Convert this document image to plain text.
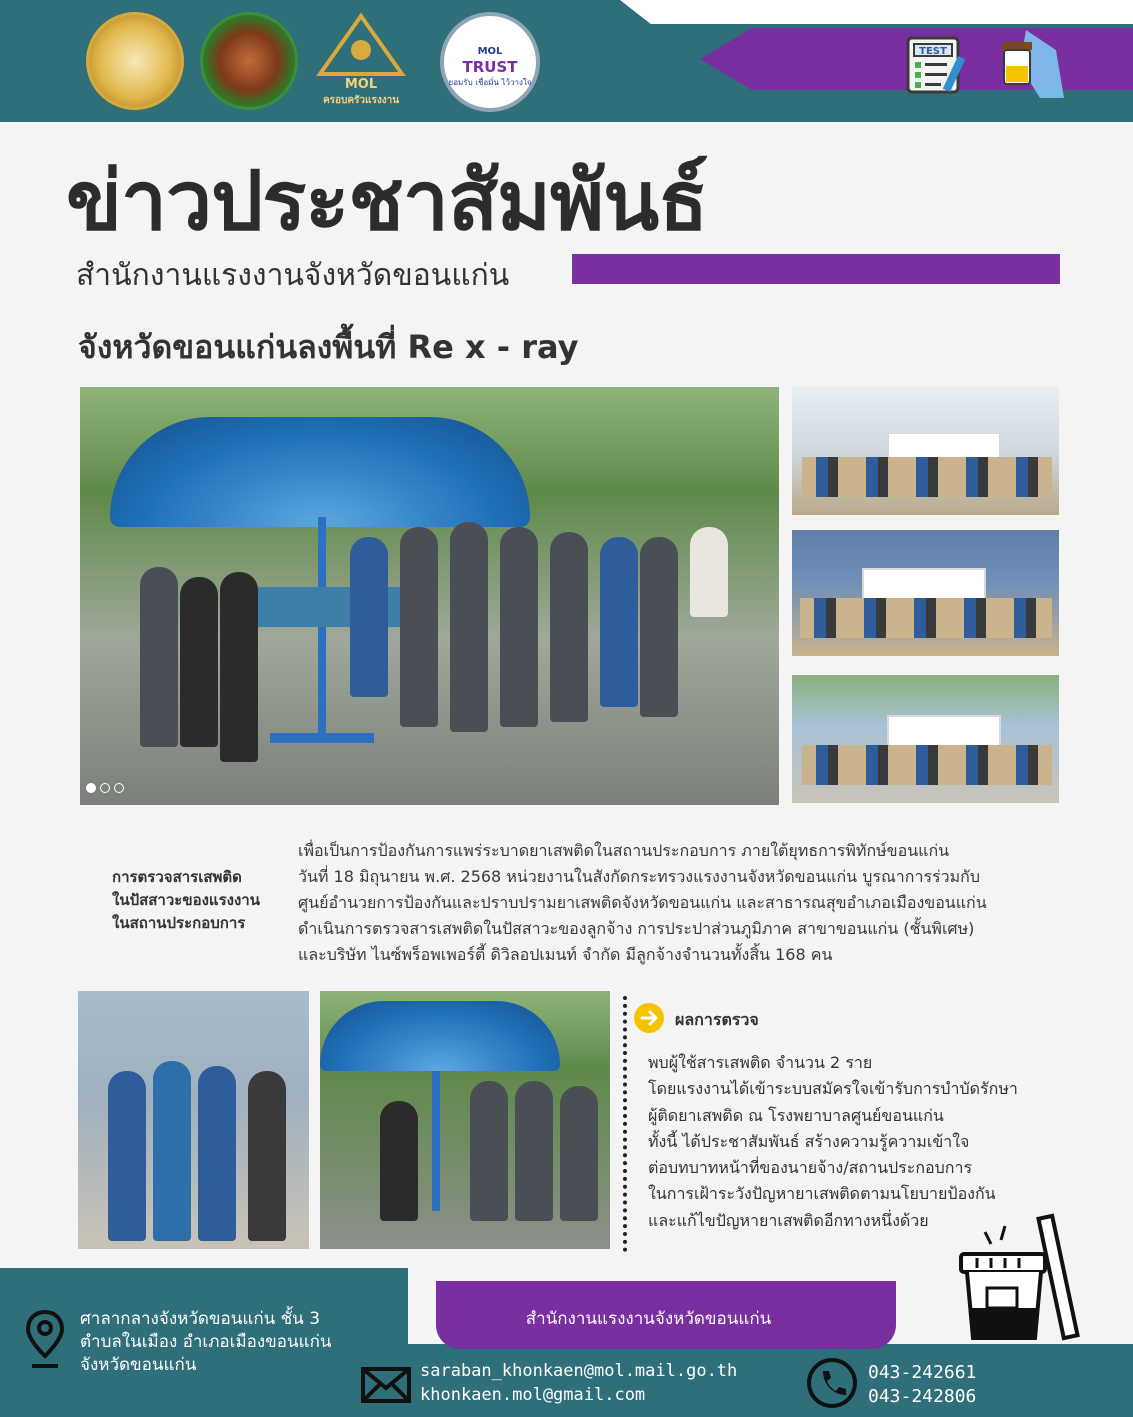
MOL
ครอบครัวแรงงาน
MOL
TRUST
ยอมรับ เชื่อมั่น ไว้วางใจ
TEST
ข่าวประชาสัมพันธ์
สำนักงานแรงงานจังหวัดขอนแก่น
จังหวัดขอนแก่นลงพื้นที่ Re x - ray
การตรวจสารเสพติด
ในปัสสาวะของแรงงาน
ในสถานประกอบการ
เพื่อเป็นการป้องกันการแพร่ระบาดยาเสพติดในสถานประกอบการ ภายใต้ยุทธการพิทักษ์ขอนแก่น
วันที่ 18 มิถุนายน พ.ศ. 2568 หน่วยงานในสังกัดกระทรวงแรงงานจังหวัดขอนแก่น บูรณาการร่วมกับ
ศูนย์อำนวยการป้องกันและปราบปรามยาเสพติดจังหวัดขอนแก่น และสาธารณสุขอำเภอเมืองขอนแก่น
ดำเนินการตรวจสารเสพติดในปัสสาวะของลูกจ้าง การประปาส่วนภูมิภาค สาขาขอนแก่น (ชั้นพิเศษ)
และบริษัท ไนซ์พร็อพเพอร์ตี้ ดิวิลอปเมนท์ จำกัด มีลูกจ้างจำนวนทั้งสิ้น 168 คน
ผลการตรวจ
พบผู้ใช้สารเสพติด จำนวน 2 ราย
โดยแรงงานได้เข้าระบบสมัครใจเข้ารับการบำบัดรักษา
ผู้ติดยาเสพติด ณ โรงพยาบาลศูนย์ขอนแก่น
ทั้งนี้ ได้ประชาสัมพันธ์ สร้างความรู้ความเข้าใจ
ต่อบทบาทหน้าที่ของนายจ้าง/สถานประกอบการ
ในการเฝ้าระวังปัญหายาเสพติดตามนโยบายป้องกัน
และแก้ไขปัญหายาเสพติดอีกทางหนึ่งด้วย
สำนักงานแรงงานจังหวัดขอนแก่น
ศาลากลางจังหวัดขอนแก่น ชั้น 3
ตำบลในเมือง อำเภอเมืองขอนแก่น
จังหวัดขอนแก่น	saraban_khonkaen@mol.mail.go.th
khonkaen.mol@gmail.com
043-242661
043-242806
